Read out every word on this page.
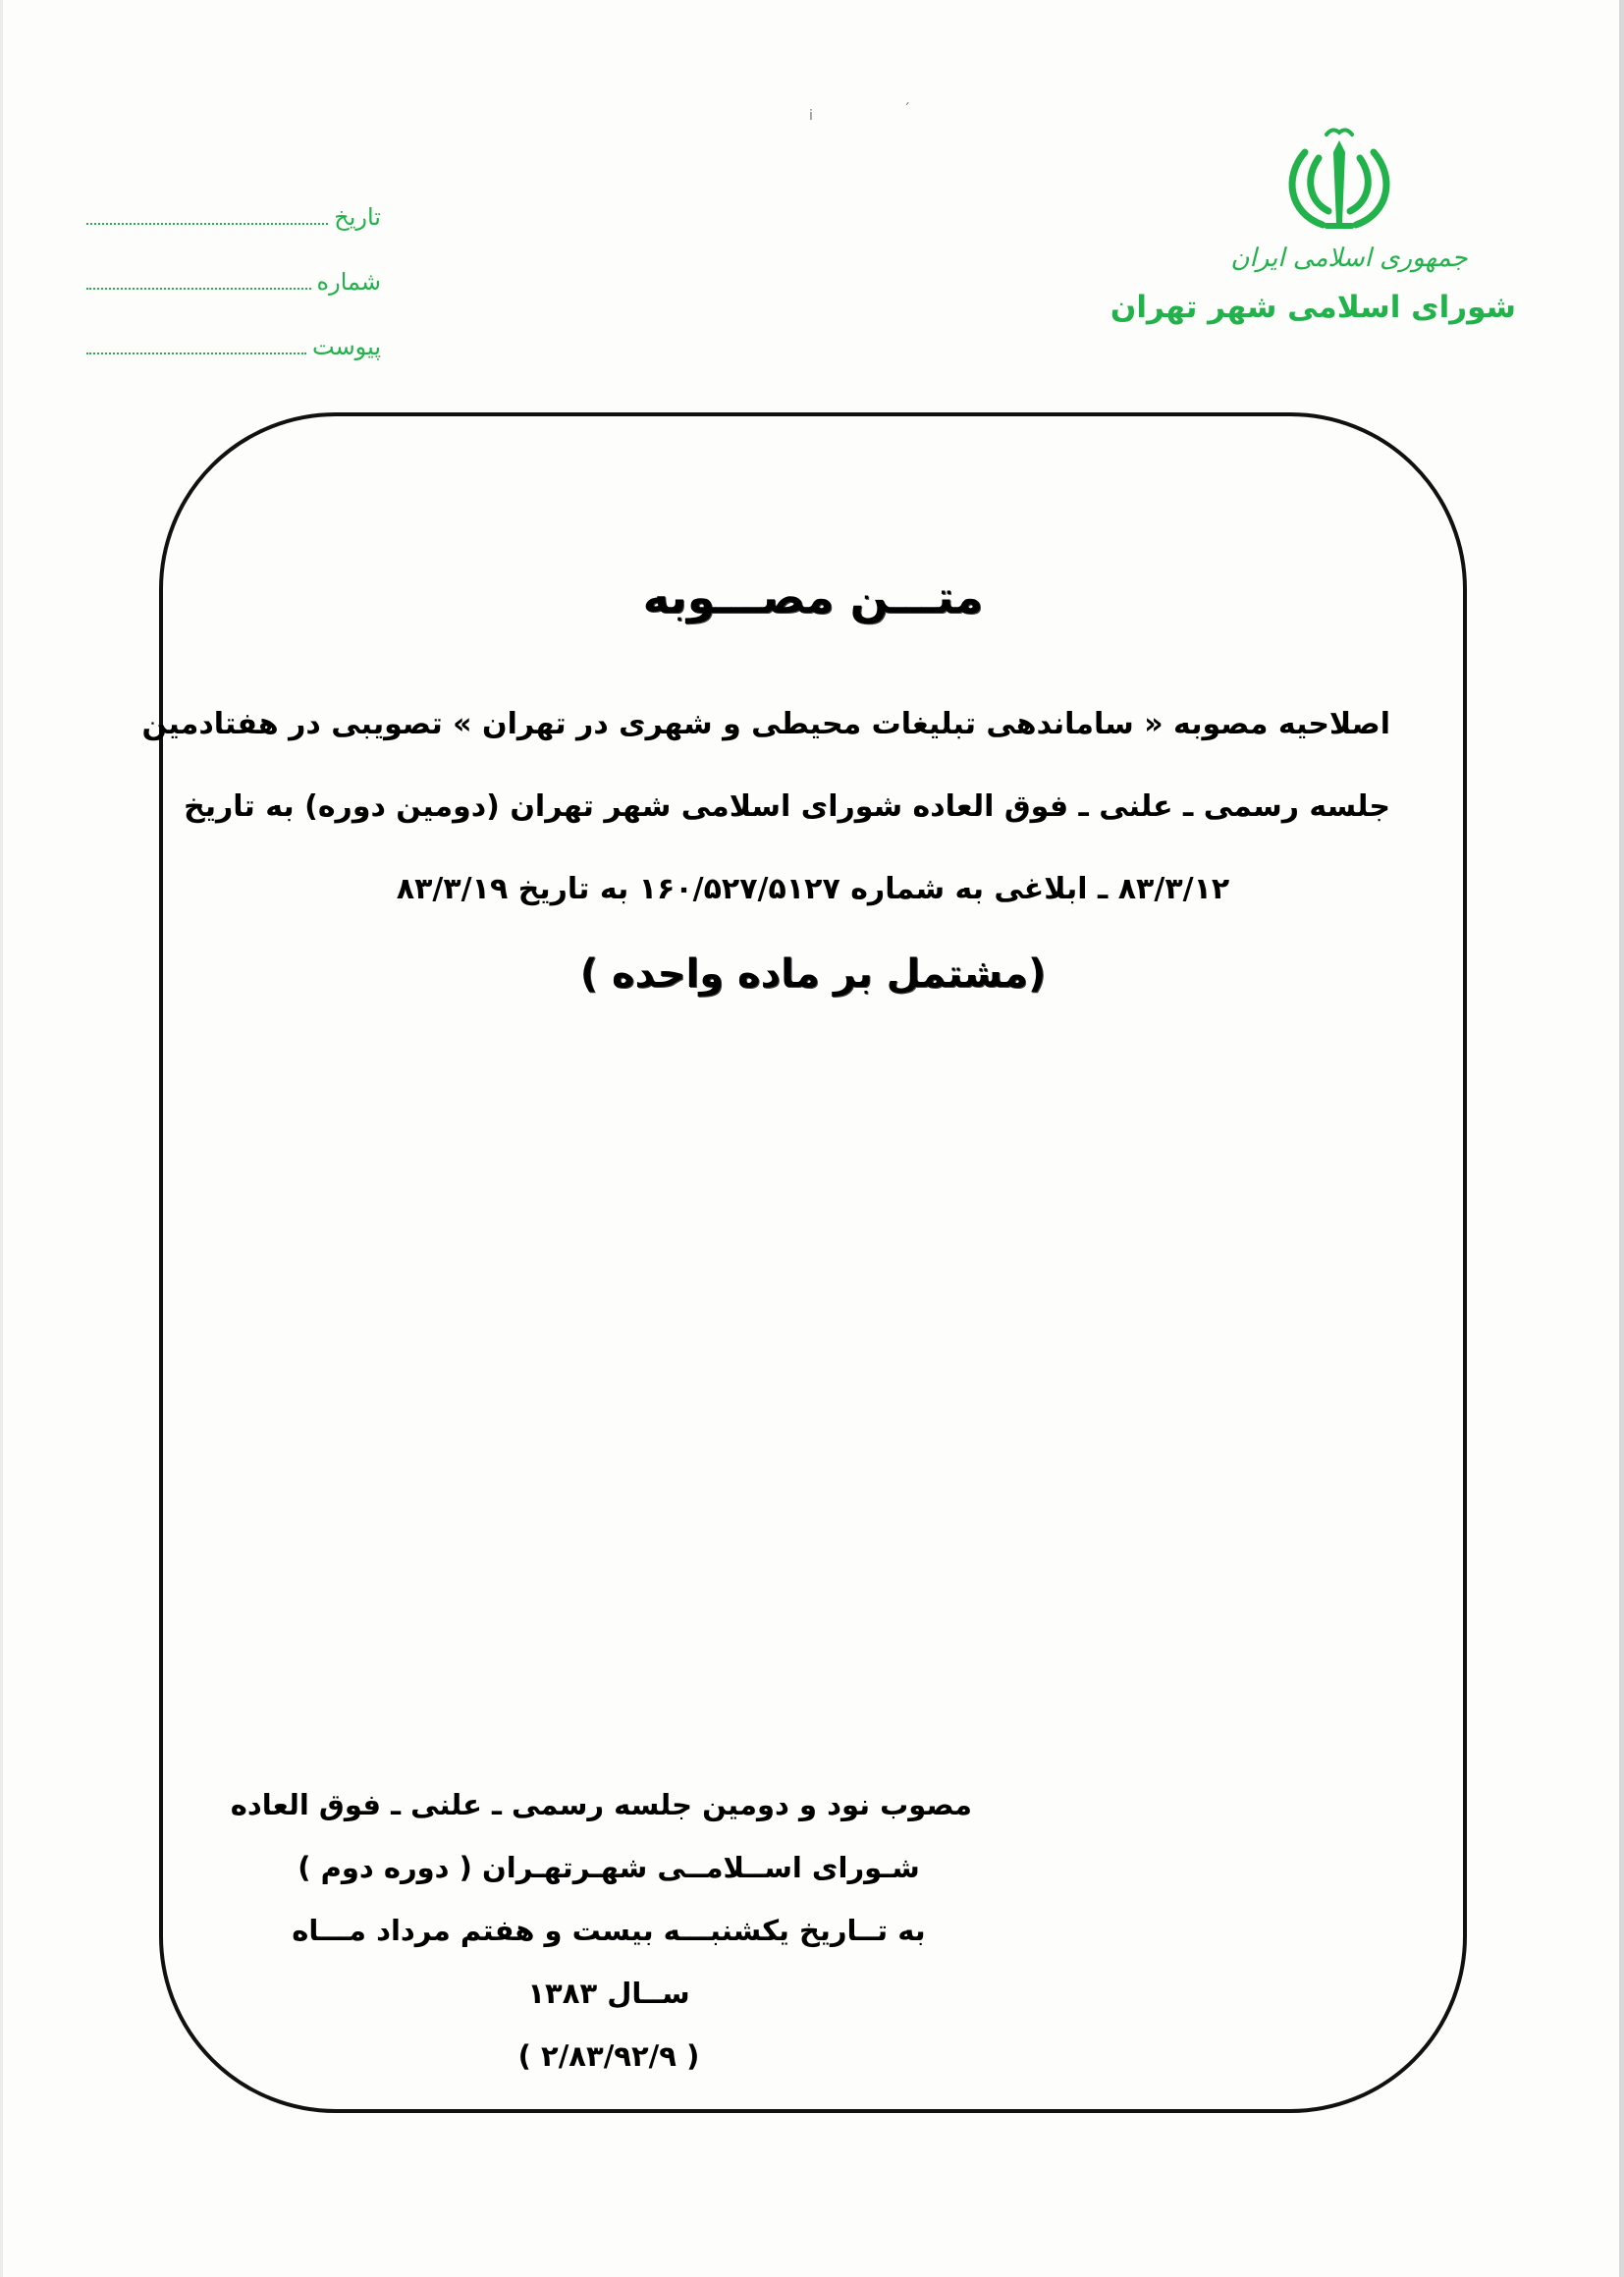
تاریخ
شماره
پیوست
جمهوری اسلامی ایران
شورای اسلامی شهر تهران
ⅰ	ˊ
متـــن مصـــوبه
اصلاحیه مصوبه « ساماندهی تبلیغات محیطی و شهری در تهران » تصویبی در هفتادمین
جلسه رسمی ـ علنی ـ فوق العاده شورای اسلامی شهر تهران (دومین دوره) به تاریخ
۸۳/۳/۱۲ ـ ابلاغی به شماره ۱۶۰/۵۲۷/۵۱۲۷ به تاریخ ۸۳/۳/۱۹
(مشتمل بر ماده واحده )
مصوب نود و دومین جلسه رسمی ـ علنی ـ فوق العاده
شـورای اســلامــی شهـرتهـران ( دوره دوم )
به تــاریخ یکشنبـــه بیست و هفتم مرداد مـــاه
ســال ۱۳۸۳
( ۲/۸۳/۹۲/۹ )
